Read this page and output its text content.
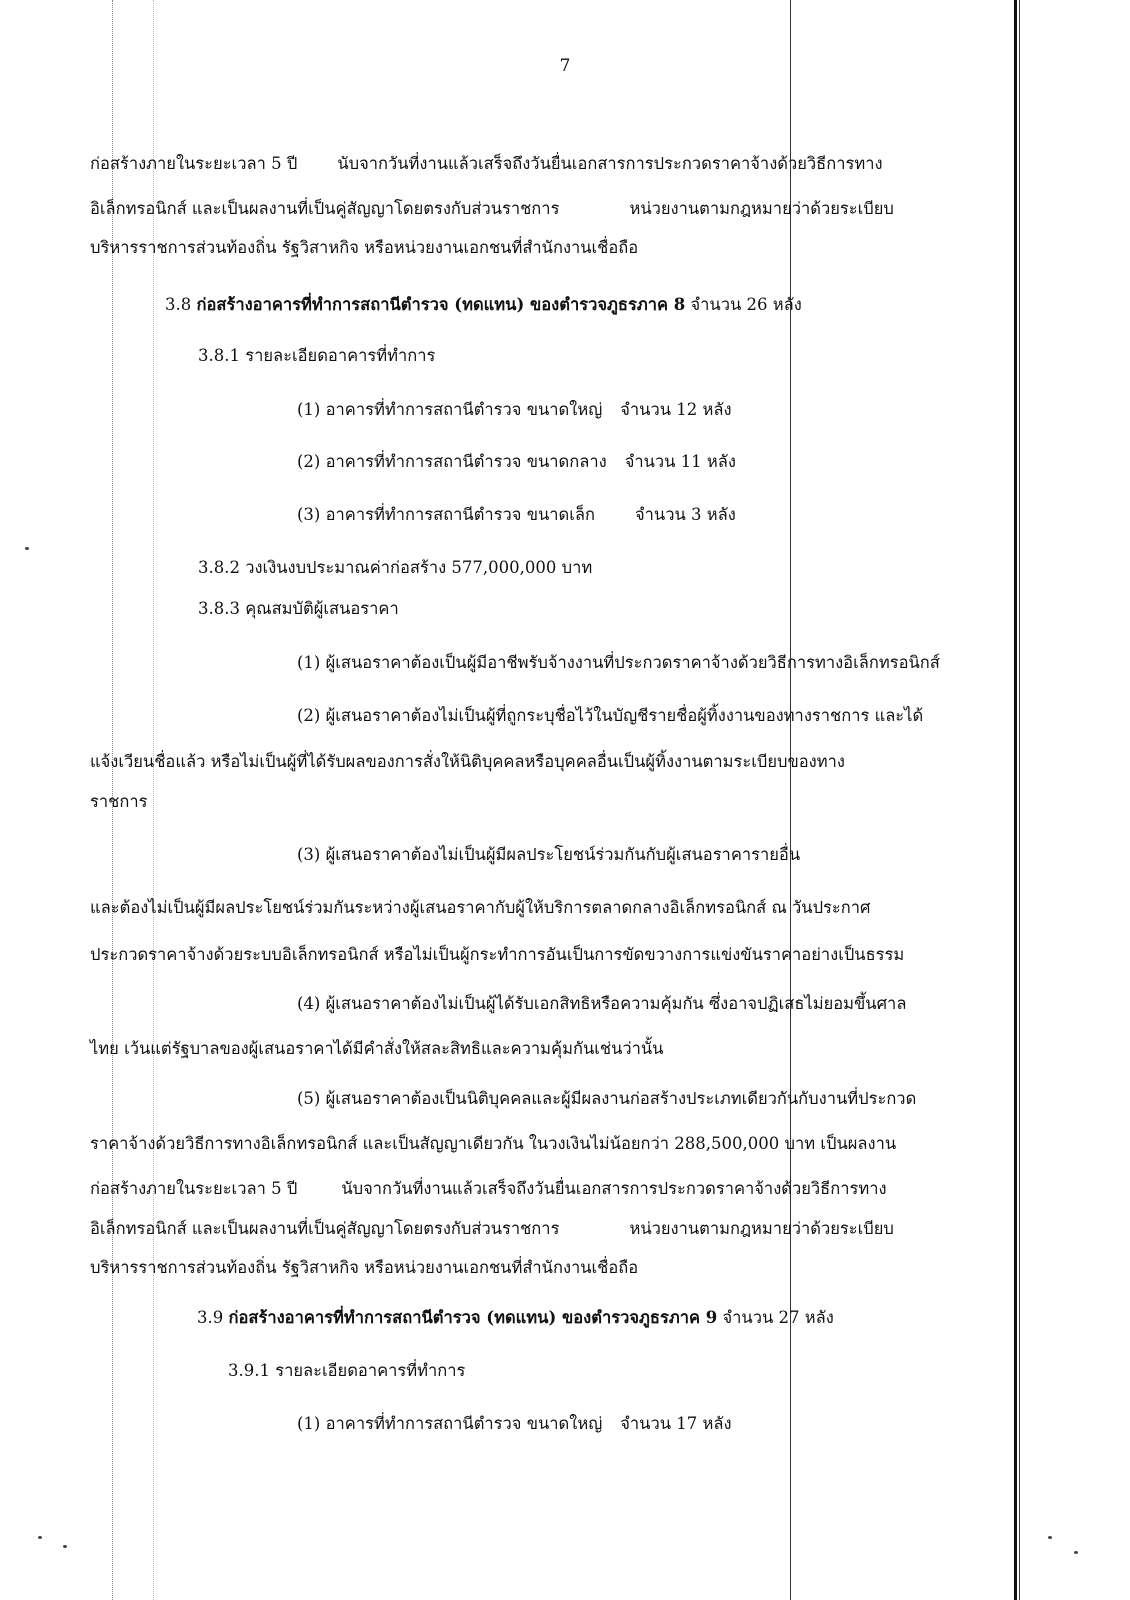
7
ก่อสร้างภายในระยะเวลา 5 ปี นับจากวันที่งานแล้วเสร็จถึงวันยื่นเอกสารการประกวดราคาจ้างด้วยวิธีการทาง
อิเล็กทรอนิกส์ และเป็นผลงานที่เป็นคู่สัญญาโดยตรงกับส่วนราชการ	หน่วยงานตามกฎหมายว่าด้วยระเบียบ
บริหารราชการส่วนท้องถิ่น รัฐวิสาหกิจ หรือหน่วยงานเอกชนที่สำนักงานเชื่อถือ
3.8 ก่อสร้างอาคารที่ทำการสถานีตำรวจ (ทดแทน) ของตำรวจภูธรภาค 8 จำนวน 26 หลัง
3.8.1 รายละเอียดอาคารที่ทำการ
(1) อาคารที่ทำการสถานีตำรวจ ขนาดใหญ่ จำนวน 12 หลัง
(2) อาคารที่ทำการสถานีตำรวจ ขนาดกลาง จำนวน 11 หลัง
(3) อาคารที่ทำการสถานีตำรวจ ขนาดเล็ก จำนวน 3 หลัง
3.8.2 วงเงินงบประมาณค่าก่อสร้าง 577,000,000 บาท
3.8.3 คุณสมบัติผู้เสนอราคา
(1) ผู้เสนอราคาต้องเป็นผู้มีอาชีพรับจ้างงานที่ประกวดราคาจ้างด้วยวิธีการทางอิเล็กทรอนิกส์
(2) ผู้เสนอราคาต้องไม่เป็นผู้ที่ถูกระบุชื่อไว้ในบัญชีรายชื่อผู้ทิ้งงานของทางราชการ และได้
แจ้งเวียนชื่อแล้ว หรือไม่เป็นผู้ที่ได้รับผลของการสั่งให้นิติบุคคลหรือบุคคลอื่นเป็นผู้ทิ้งงานตามระเบียบของทาง
ราชการ
(3) ผู้เสนอราคาต้องไม่เป็นผู้มีผลประโยชน์ร่วมกันกับผู้เสนอราคารายอื่น
และต้องไม่เป็นผู้มีผลประโยชน์ร่วมกันระหว่างผู้เสนอราคากับผู้ให้บริการตลาดกลางอิเล็กทรอนิกส์ ณ วันประกาศ
ประกวดราคาจ้างด้วยระบบอิเล็กทรอนิกส์ หรือไม่เป็นผู้กระทำการอันเป็นการขัดขวางการแข่งขันราคาอย่างเป็นธรรม
(4) ผู้เสนอราคาต้องไม่เป็นผู้ได้รับเอกสิทธิหรือความคุ้มกัน ซึ่งอาจปฏิเสธไม่ยอมขึ้นศาล
ไทย เว้นแต่รัฐบาลของผู้เสนอราคาได้มีคำสั่งให้สละสิทธิและความคุ้มกันเช่นว่านั้น
(5) ผู้เสนอราคาต้องเป็นนิติบุคคลและผู้มีผลงานก่อสร้างประเภทเดียวกันกับงานที่ประกวด
ราคาจ้างด้วยวิธีการทางอิเล็กทรอนิกส์ และเป็นสัญญาเดียวกัน ในวงเงินไม่น้อยกว่า 288,500,000 บาท เป็นผลงาน
ก่อสร้างภายในระยะเวลา 5 ปี	นับจากวันที่งานแล้วเสร็จถึงวันยื่นเอกสารการประกวดราคาจ้างด้วยวิธีการทาง
อิเล็กทรอนิกส์ และเป็นผลงานที่เป็นคู่สัญญาโดยตรงกับส่วนราชการ	หน่วยงานตามกฎหมายว่าด้วยระเบียบ
บริหารราชการส่วนท้องถิ่น รัฐวิสาหกิจ หรือหน่วยงานเอกชนที่สำนักงานเชื่อถือ
3.9 ก่อสร้างอาคารที่ทำการสถานีตำรวจ (ทดแทน) ของตำรวจภูธรภาค 9 จำนวน 27 หลัง
3.9.1 รายละเอียดอาคารที่ทำการ
(1) อาคารที่ทำการสถานีตำรวจ ขนาดใหญ่ จำนวน 17 หลัง
